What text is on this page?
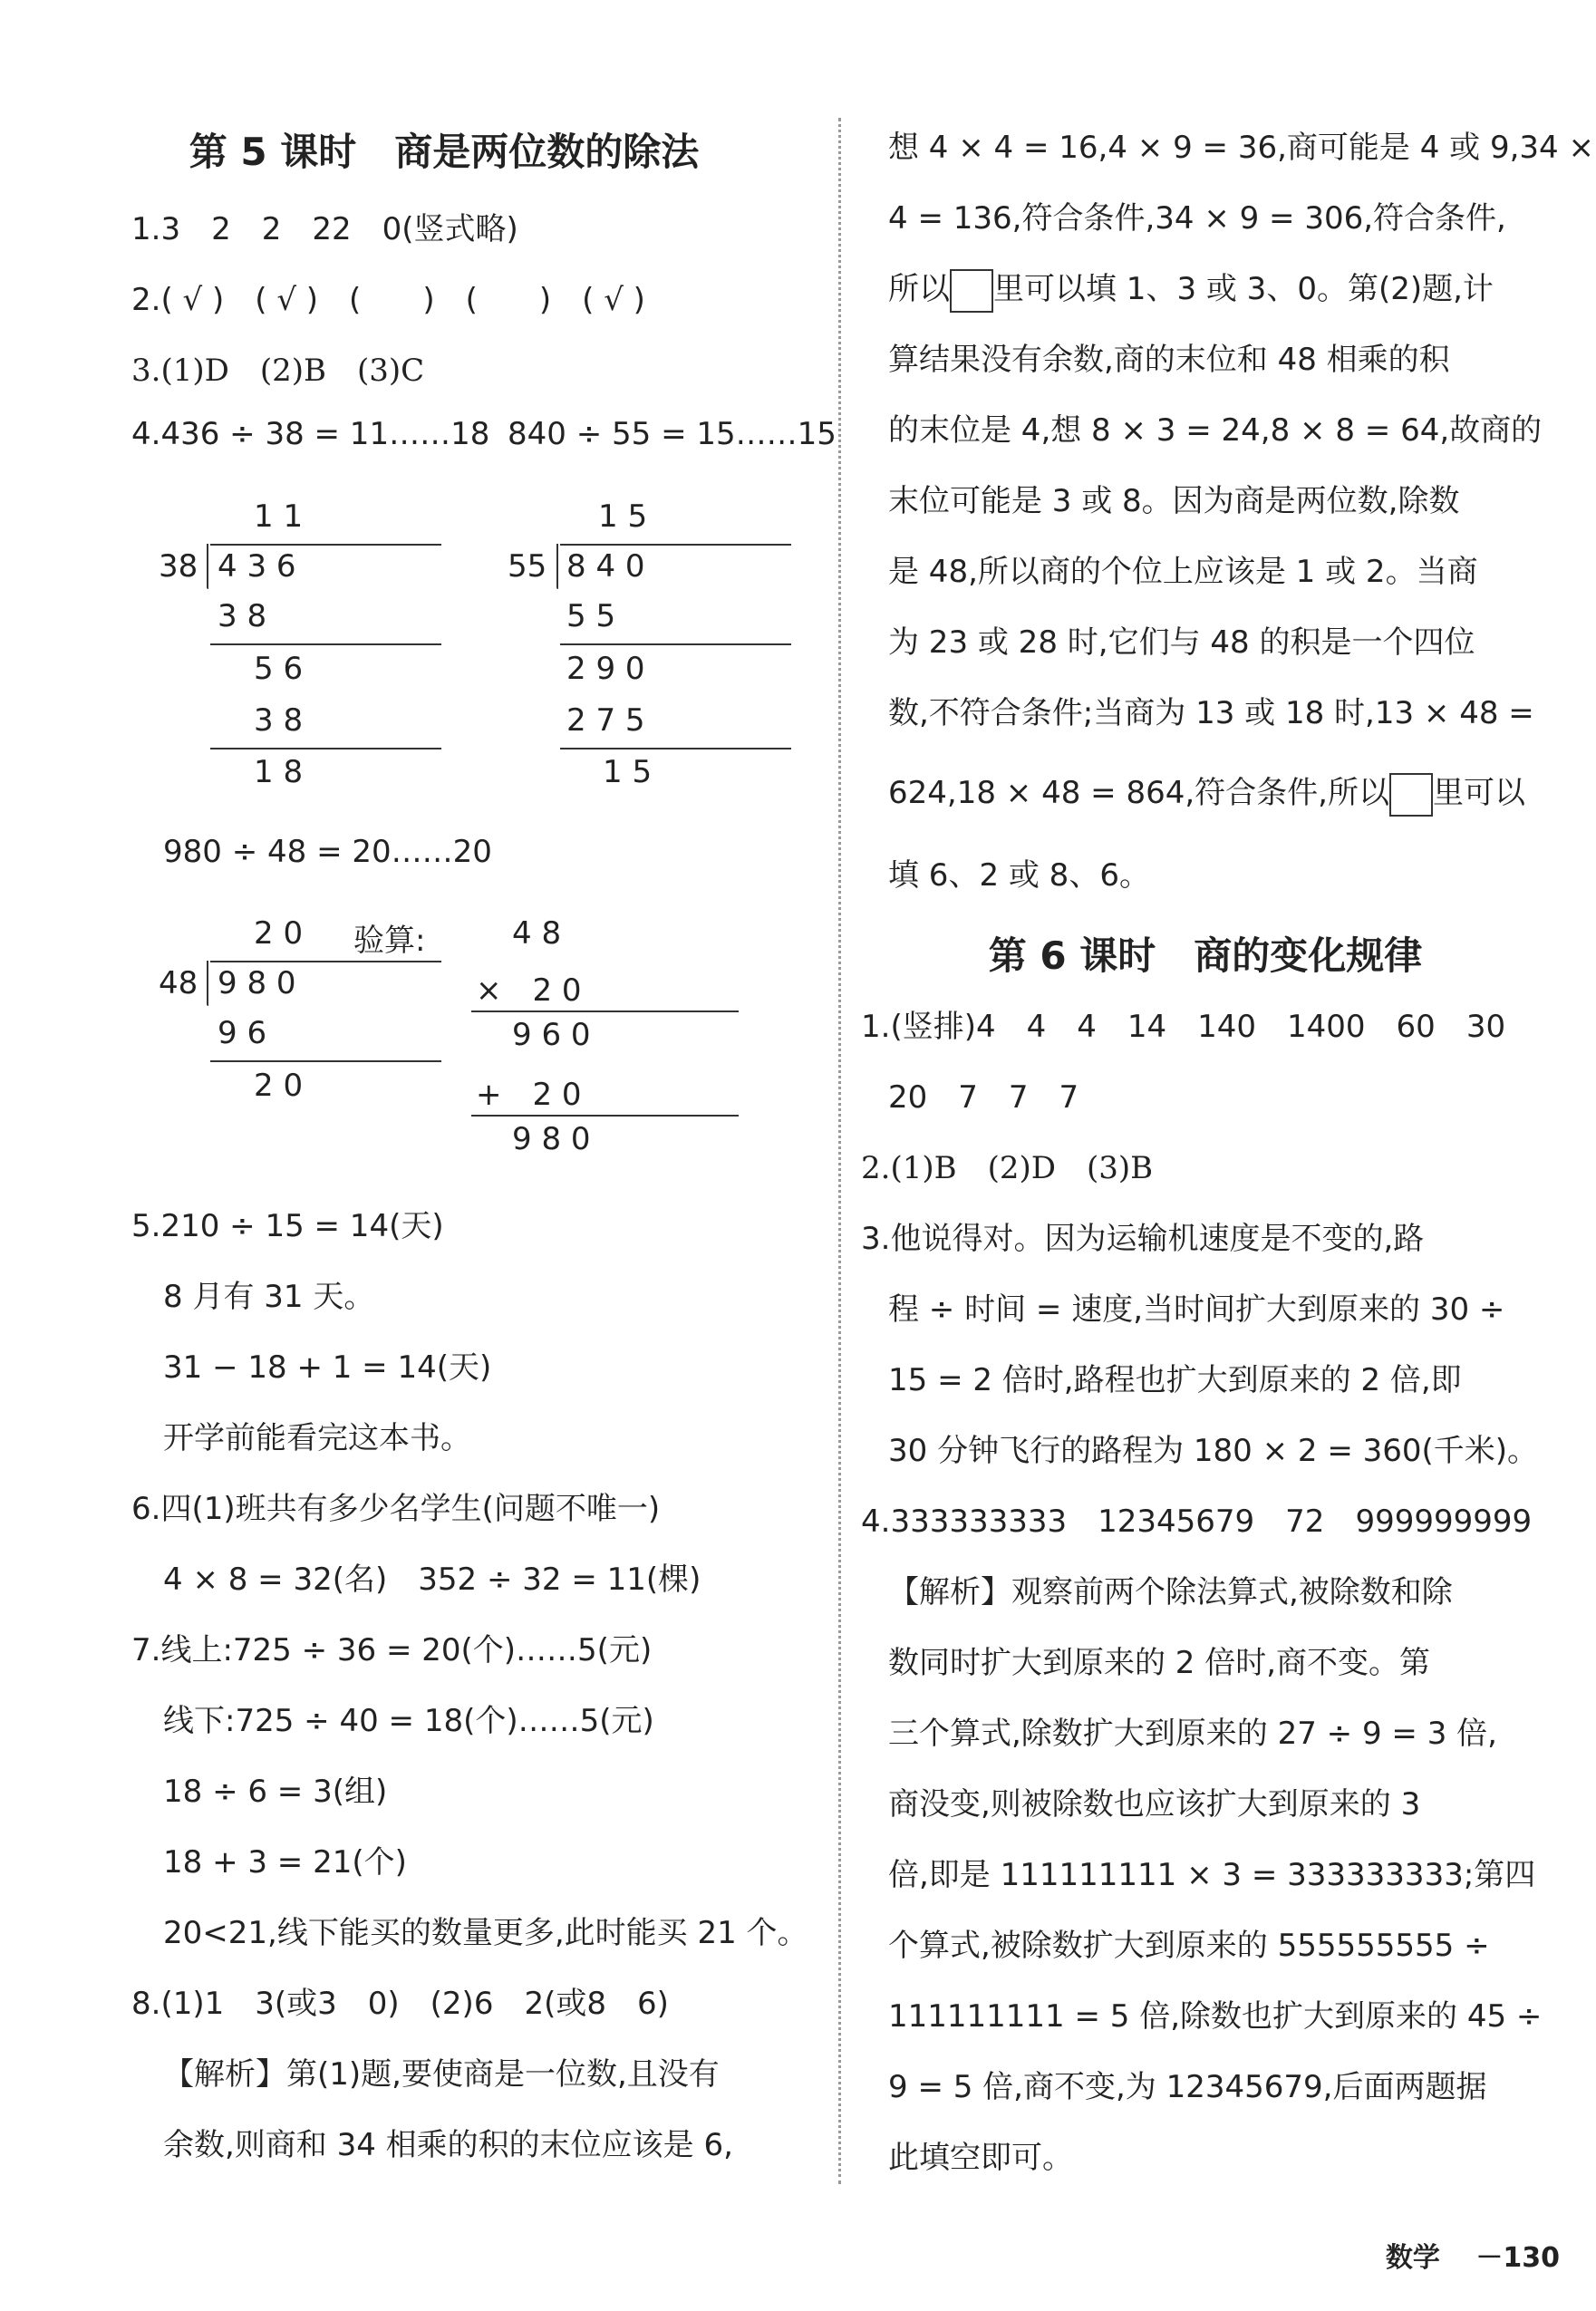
第 5 课时　商是两位数的除法
1.3　2　2　22　0(竖式略)
2.( √ )　( √ )　(　　)　(　　)　( √ )
3.(1)D　(2)B　(3)C
4.436 ÷ 38 = 11……18 840 ÷ 55 = 15……15
1 1
38 4 3 6
3 8
5 6
3 8
1 8
1 5
55 8 4 0
5 5
2 9 0
2 7 5
1 5
980 ÷ 48 = 20……20
2 0
48 9 8 0
9 6
2 0
验算:	4 8
×　2 0
9 6 0
+　2 0
9 8 0
5.210 ÷ 15 = 14(天)
8 月有 31 天。
31 − 18 + 1 = 14(天)
开学前能看完这本书。
6.四(1)班共有多少名学生(问题不唯一)
4 × 8 = 32(名)　352 ÷ 32 = 11(棵)
7.线上:725 ÷ 36 = 20(个)……5(元)
线下:725 ÷ 40 = 18(个)……5(元)
18 ÷ 6 = 3(组)
18 + 3 = 21(个)
20<21,线下能买的数量更多,此时能买 21 个。
8.(1)1　3(或3　0)　(2)6　2(或8　6)
【解析】第(1)题,要使商是一位数,且没有
余数,则商和 34 相乘的积的末位应该是 6,
想 4 × 4 = 16,4 × 9 = 36,商可能是 4 或 9,34 ×
4 = 136,符合条件,34 × 9 = 306,符合条件,
所以 里可以填 1、3 或 3、0。第(2)题,计
算结果没有余数,商的末位和 48 相乘的积
的末位是 4,想 8 × 3 = 24,8 × 8 = 64,故商的
末位可能是 3 或 8。因为商是两位数,除数
是 48,所以商的个位上应该是 1 或 2。当商
为 23 或 28 时,它们与 48 的积是一个四位
数,不符合条件;当商为 13 或 18 时,13 × 48 =
624,18 × 48 = 864,符合条件,所以 里可以
填 6、2 或 8、6。
第 6 课时　商的变化规律
1.(竖排)4　4　4　14　140　1400　60　30
20　7　7　7
2.(1)B　(2)D　(3)B
3.他说得对。因为运输机速度是不变的,路
程 ÷ 时间 = 速度,当时间扩大到原来的 30 ÷
15 = 2 倍时,路程也扩大到原来的 2 倍,即
30 分钟飞行的路程为 180 × 2 = 360(千米)。
4.333333333　12345679　72　999999999
【解析】观察前两个除法算式,被除数和除
数同时扩大到原来的 2 倍时,商不变。第
三个算式,除数扩大到原来的 27 ÷ 9 = 3 倍,
商没变,则被除数也应该扩大到原来的 3
倍,即是 111111111 × 3 = 333333333;第四
个算式,被除数扩大到原来的 555555555 ÷
111111111 = 5 倍,除数也扩大到原来的 45 ÷
9 = 5 倍,商不变,为 12345679,后面两题据
此填空即可。
数学 －130
